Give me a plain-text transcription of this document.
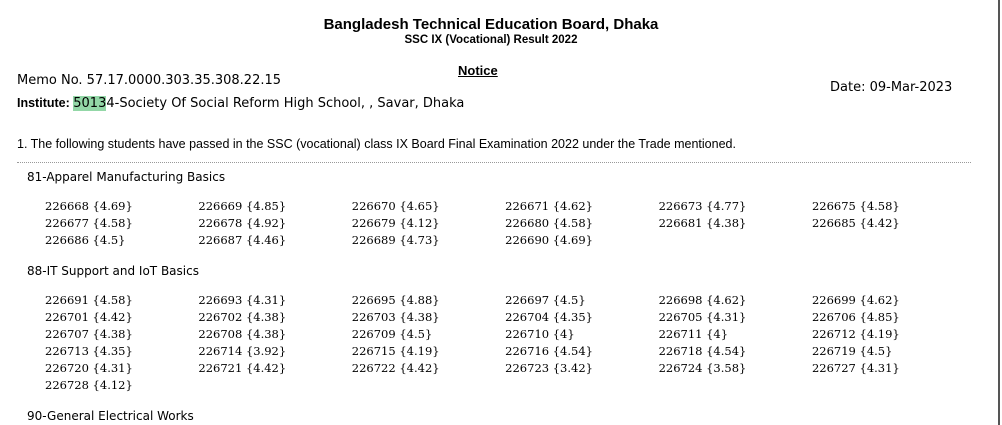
Bangladesh Technical Education Board, Dhaka
SSC IX (Vocational) Result 2022
Notice
Memo No. 57.17.0000.303.35.308.22.15	Date: 09-Mar-2023
Institute: 50134-Society Of Social Reform High School, , Savar, Dhaka
1. The following students have passed in the SSC (vocational) class IX Board Final Examination 2022 under the Trade mentioned.
81-Apparel Manufacturing Basics
226668 {4.69}	226669 {4.85}	226670 {4.65}	226671 {4.62}	226673 {4.77}	226675 {4.58}
226677 {4.58}	226678 {4.92}	226679 {4.12}	226680 {4.58}	226681 {4.38}	226685 {4.42}
226686 {4.5}	226687 {4.46}	226689 {4.73}	226690 {4.69}
88-IT Support and IoT Basics
226691 {4.58}	226693 {4.31}	226695 {4.88}	226697 {4.5}	226698 {4.62}	226699 {4.62}
226701 {4.42}	226702 {4.38}	226703 {4.38}	226704 {4.35}	226705 {4.31}	226706 {4.85}
226707 {4.38}	226708 {4.38}	226709 {4.5}	226710 {4}	226711 {4}	226712 {4.19}
226713 {4.35}	226714 {3.92}	226715 {4.19}	226716 {4.54}	226718 {4.54}	226719 {4.5}
226720 {4.31}	226721 {4.42}	226722 {4.42}	226723 {3.42}	226724 {3.58}	226727 {4.31}
226728 {4.12}
90-General Electrical Works
